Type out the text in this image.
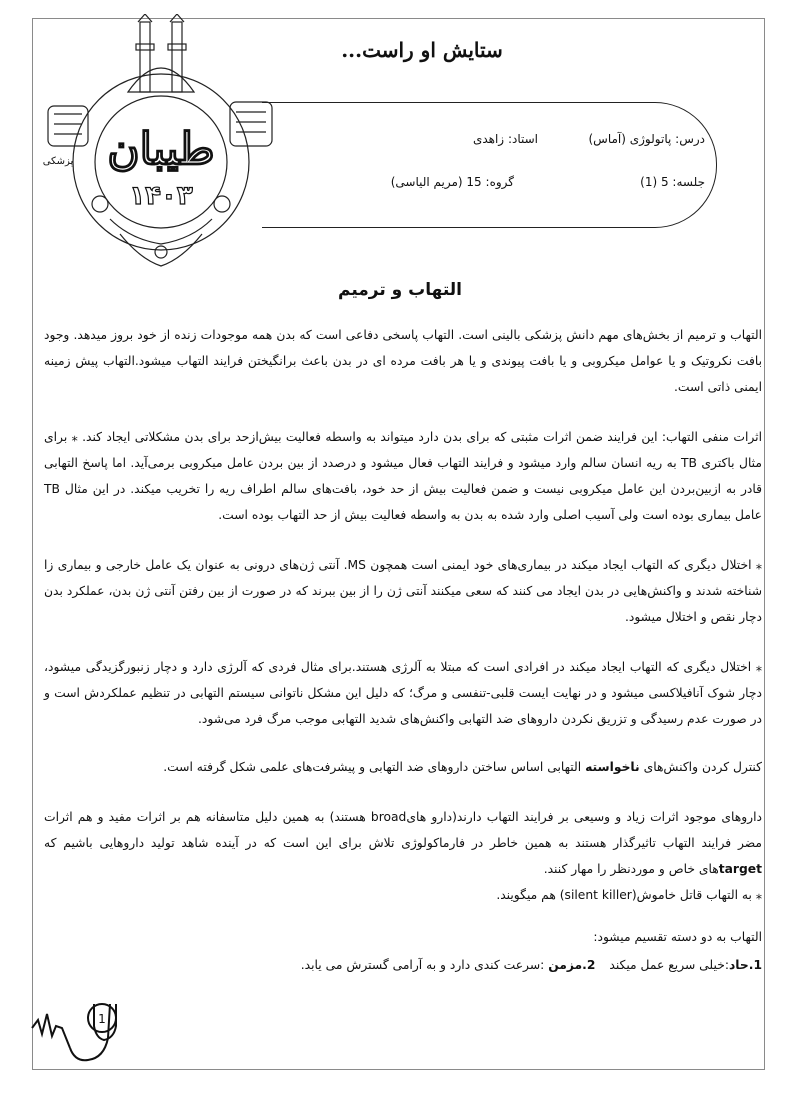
طیبان
۱۴۰۳
پزشکی
ستایش او راست...
درس: پاتولوژی (آماس)
استاد: زاهدی
جلسه: 5 (1)
گروه: 15 (مریم الیاسی)
التهاب و ترمیم

التهاب و ترمیم از بخش‌های مهم دانش پزشکی بالینی است. التهاب پاسخی دفاعی است که بدن همه موجودات زنده از خود بروز میدهد. وجود بافت نکروتیک و یا عوامل میکروبی و یا بافت پیوندی و یا هر بافت مرده ای در بدن باعث برانگیختن فرایند التهاب میشود.التهاب پیش زمینه ایمنی ذاتی است.

اثرات منفی التهاب: این فرایند ضمن اثرات مثبتی که برای بدن دارد میتواند به واسطه فعالیت بیش‌ازحد برای بدن مشکلاتی ایجاد کند. ⁎ برای مثال باکتری TB به ریه انسان سالم وارد میشود و فرایند التهاب فعال میشود و درصدد از بین بردن عامل میکروبی برمی‌آید. اما پاسخ التهابی قادر به ازبین‌بردن این عامل میکروبی نیست و ضمن فعالیت بیش از حد خود، بافت‌های سالم اطراف ریه را تخریب میکند. در این مثال TB عامل بیماری بوده است ولی آسیب اصلی وارد شده به بدن به واسطه فعالیت بیش از حد التهاب بوده است.

⁎ اختلال دیگری که التهاب ایجاد میکند در بیماری‌های خود ایمنی است همچون MS. آنتی ژن‌های درونی به عنوان یک عامل خارجی و بیماری زا شناخته شدند و واکنش‌هایی در بدن ایجاد می کنند که سعی میکنند آنتی ژن را از بین ببرند که در صورت از بین رفتن آنتی ژن بدن، عملکرد بدن دچار نقص و اختلال میشود.

⁎ اختلال دیگری که التهاب ایجاد میکند در افرادی است که مبتلا به آلرژی هستند.برای مثال فردی که آلرژی دارد و دچار زنبورگزیدگی میشود، دچار شوک آنافیلاکسی میشود و در نهایت ایست قلبی-تنفسی و مرگ؛ که دلیل این مشکل ناتوانی سیستم التهابی در تنظیم عملکردش است و در صورت عدم رسیدگی و تزریق نکردن داروهای ضد التهابی واکنش‌های شدید التهابی موجب مرگ فرد می‌شود.

کنترل کردن واکنش‌های ناخواسته التهابی اساس ساختن داروهای ضد التهابی و پیشرفت‌های علمی شکل گرفته است.

داروهای موجود اثرات زیاد و وسیعی بر فرایند التهاب دارند(دارو هایbroad هستند) به همین دلیل متاسفانه هم بر اثرات مفید و هم اثرات مضر فرایند التهاب تاثیرگذار هستند به همین خاطر در فارماکولوژی تلاش برای این است که در آینده شاهد تولید داروهایی باشیم که targetهای خاص و موردنظر را مهار کنند.

⁎ به التهاب قاتل خاموش(silent killer) هم میگویند.

التهاب به دو دسته تقسیم میشود:

1.حاد:خیلی سریع عمل میکند2.مزمن :سرعت کندی دارد و به آرامی گسترش می یابد.

1
